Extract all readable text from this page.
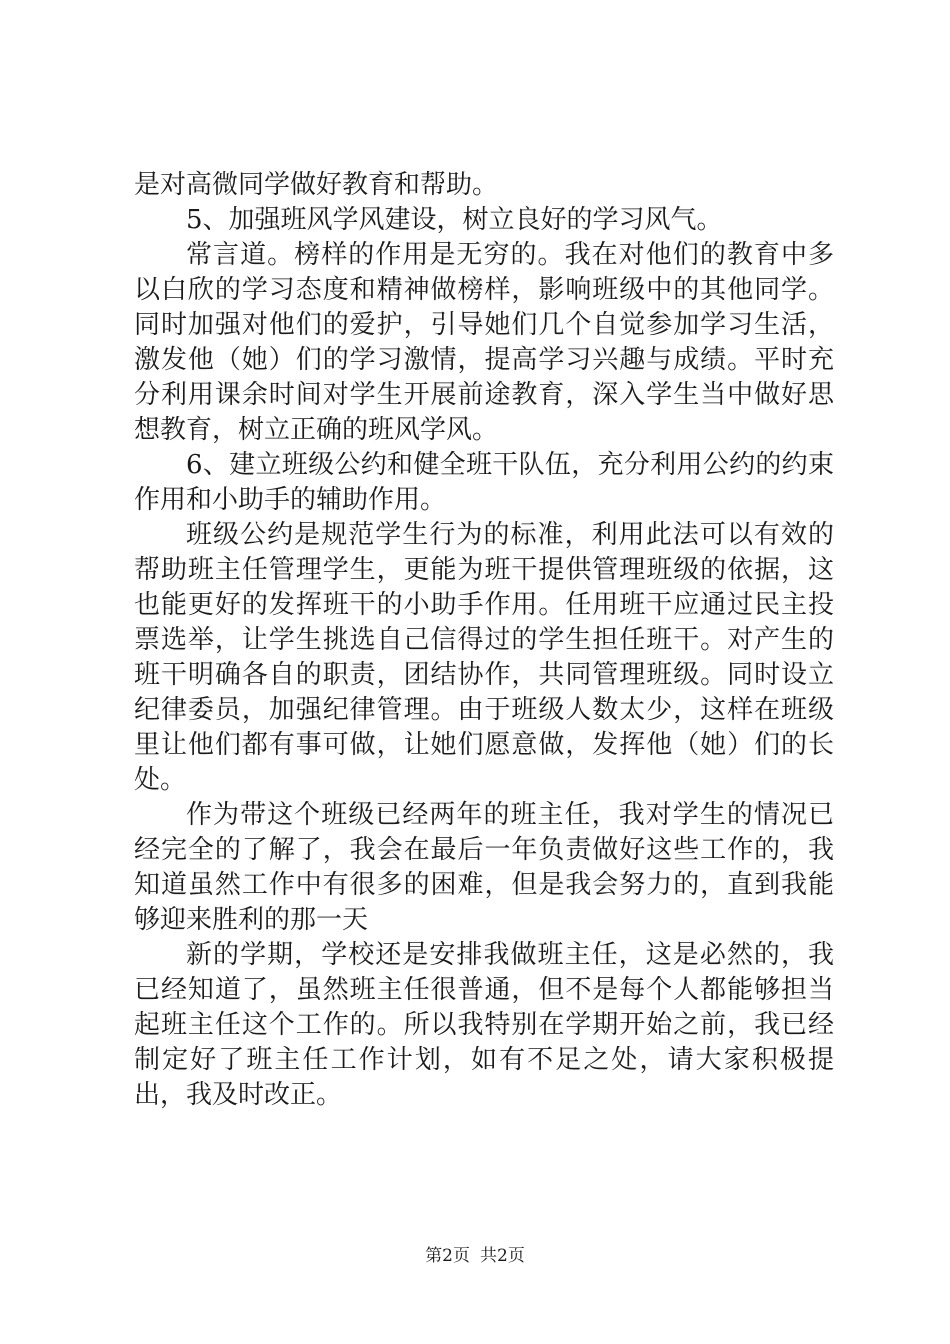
是对高微同学做好教育和帮助。

5、加强班风学风建设，树立良好的学习风气。

常言道。榜样的作用是无穷的。我在对他们的教育中多以白欣的学习态度和精神做榜样，影响班级中的其他同学。同时加强对他们的爱护，引导她们几个自觉参加学习生活，激发他（她）们的学习激情，提高学习兴趣与成绩。平时充分利用课余时间对学生开展前途教育，深入学生当中做好思想教育，树立正确的班风学风。

6、建立班级公约和健全班干队伍，充分利用公约的约束作用和小助手的辅助作用。

班级公约是规范学生行为的标准，利用此法可以有效的帮助班主任管理学生，更能为班干提供管理班级的依据，这也能更好的发挥班干的小助手作用。任用班干应通过民主投票选举，让学生挑选自己信得过的学生担任班干。对产生的班干明确各自的职责，团结协作，共同管理班级。同时设立纪律委员，加强纪律管理。由于班级人数太少，这样在班级里让他们都有事可做，让她们愿意做，发挥他（她）们的长处。

作为带这个班级已经两年的班主任，我对学生的情况已经完全的了解了，我会在最后一年负责做好这些工作的，我知道虽然工作中有很多的困难，但是我会努力的，直到我能够迎来胜利的那一天

新的学期，学校还是安排我做班主任，这是必然的，我已经知道了，虽然班主任很普通，但不是每个人都能够担当起班主任这个工作的。所以我特别在学期开始之前，我已经制定好了班主任工作计划，如有不足之处，请大家积极提出，我及时改正。

第2页 共2页
